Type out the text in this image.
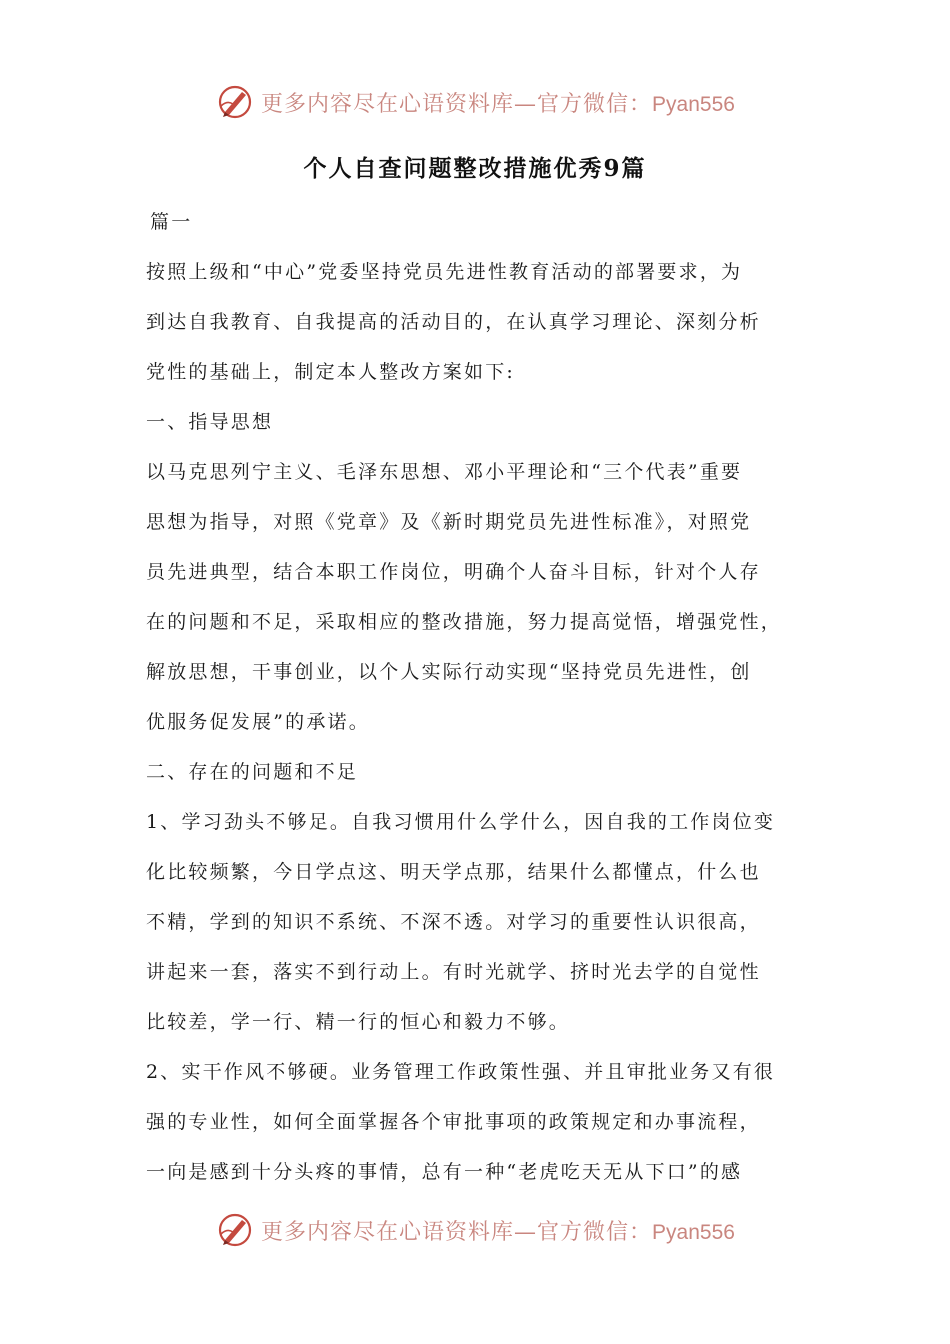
更多内容尽在心语资料库—官方微信：Pyan556
个人自查问题整改措施优秀9篇
篇一
按照上级和“中心”党委坚持党员先进性教育活动的部署要求，为
到达自我教育、自我提高的活动目的，在认真学习理论、深刻分析
党性的基础上，制定本人整改方案如下:
一、指导思想
以马克思列宁主义、毛泽东思想、邓小平理论和“三个代表”重要
思想为指导，对照《党章》及《新时期党员先进性标准》，对照党
员先进典型，结合本职工作岗位，明确个人奋斗目标，针对个人存
在的问题和不足，采取相应的整改措施，努力提高觉悟，增强党性，
解放思想，干事创业，以个人实际行动实现“坚持党员先进性，创
优服务促发展”的承诺。
二、存在的问题和不足
1、学习劲头不够足。自我习惯用什么学什么，因自我的工作岗位变
化比较频繁，今日学点这、明天学点那，结果什么都懂点，什么也
不精，学到的知识不系统、不深不透。对学习的重要性认识很高，
讲起来一套，落实不到行动上。有时光就学、挤时光去学的自觉性
比较差，学一行、精一行的恒心和毅力不够。
2、实干作风不够硬。业务管理工作政策性强、并且审批业务又有很
强的专业性，如何全面掌握各个审批事项的政策规定和办事流程，
一向是感到十分头疼的事情，总有一种“老虎吃天无从下口”的感
更多内容尽在心语资料库—官方微信：Pyan556
